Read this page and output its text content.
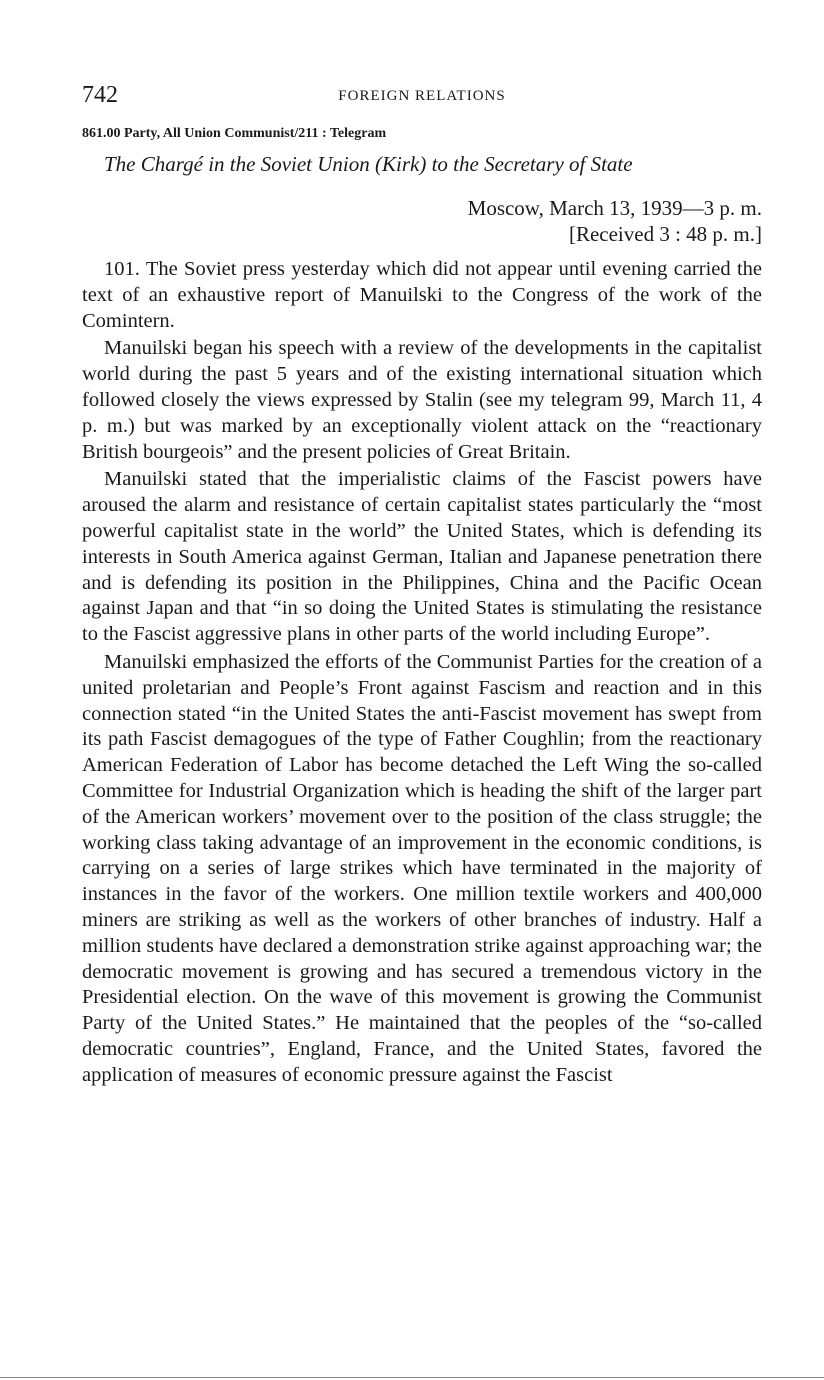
742	FOREIGN RELATIONS
861.00 Party, All Union Communist/211 : Telegram
The Chargé in the Soviet Union (Kirk) to the Secretary of State
Moscow, March 13, 1939—3 p. m.
[Received 3 : 48 p. m.]

101. The Soviet press yesterday which did not appear until evening carried the text of an exhaustive report of Manuilski to the Congress of the work of the Comintern.

Manuilski began his speech with a review of the developments in the capitalist world during the past 5 years and of the existing international situation which followed closely the views expressed by Stalin (see my telegram 99, March 11, 4 p. m.) but was marked by an exceptionally violent attack on the “reactionary British bourgeois” and the present policies of Great Britain.

Manuilski stated that the imperialistic claims of the Fascist powers have aroused the alarm and resistance of certain capitalist states particularly the “most powerful capitalist state in the world” the United States, which is defending its interests in South America against German, Italian and Japanese penetration there and is defending its position in the Philippines, China and the Pacific Ocean against Japan and that “in so doing the United States is stimulating the resistance to the Fascist aggressive plans in other parts of the world including Europe”.

Manuilski emphasized the efforts of the Communist Parties for the creation of a united proletarian and People’s Front against Fascism and reaction and in this connection stated “in the United States the anti-Fascist movement has swept from its path Fascist demagogues of the type of Father Coughlin; from the reactionary American Federation of Labor has become detached the Left Wing the so-called Committee for Industrial Organization which is heading the shift of the larger part of the American workers’ movement over to the position of the class struggle; the working class taking advantage of an improvement in the economic conditions, is carrying on a series of large strikes which have terminated in the majority of instances in the favor of the workers. One million textile workers and 400,000 miners are striking as well as the workers of other branches of industry. Half a million students have declared a demonstration strike against approaching war; the democratic movement is growing and has secured a tremendous victory in the Presidential election. On the wave of this movement is growing the Communist Party of the United States.” He maintained that the peoples of the “so-called democratic countries”, England, France, and the United States, favored the application of measures of economic pressure against the Fascist
